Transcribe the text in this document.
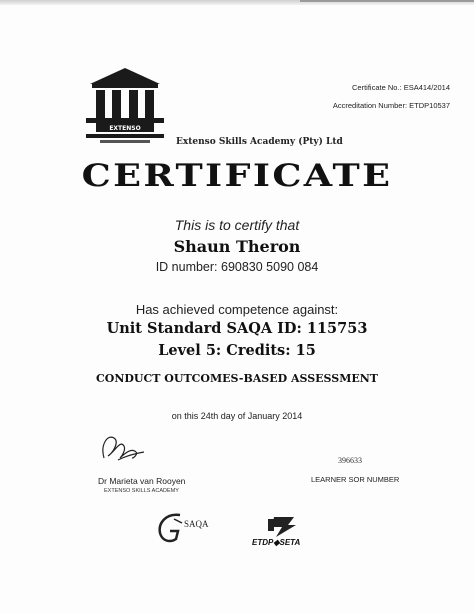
EXTENSO
Certificate No.: ESA414/2014
Accreditation Number: ETDP10537
Extenso Skills Academy (Pty) Ltd
CERTIFICATE
This is to certify that
Shaun Theron
ID number: 690830 5090 084
Has achieved competence against:
Unit Standard SAQA ID: 115753
Level 5: Credits: 15
CONDUCT OUTCOMES-BASED ASSESSMENT
on this 24th day of January 2014
Dr Marieta van Rooyen
EXTENSO SKILLS ACADEMY
396633
LEARNER SOR NUMBER
SAQA
ETDP◆SETA
